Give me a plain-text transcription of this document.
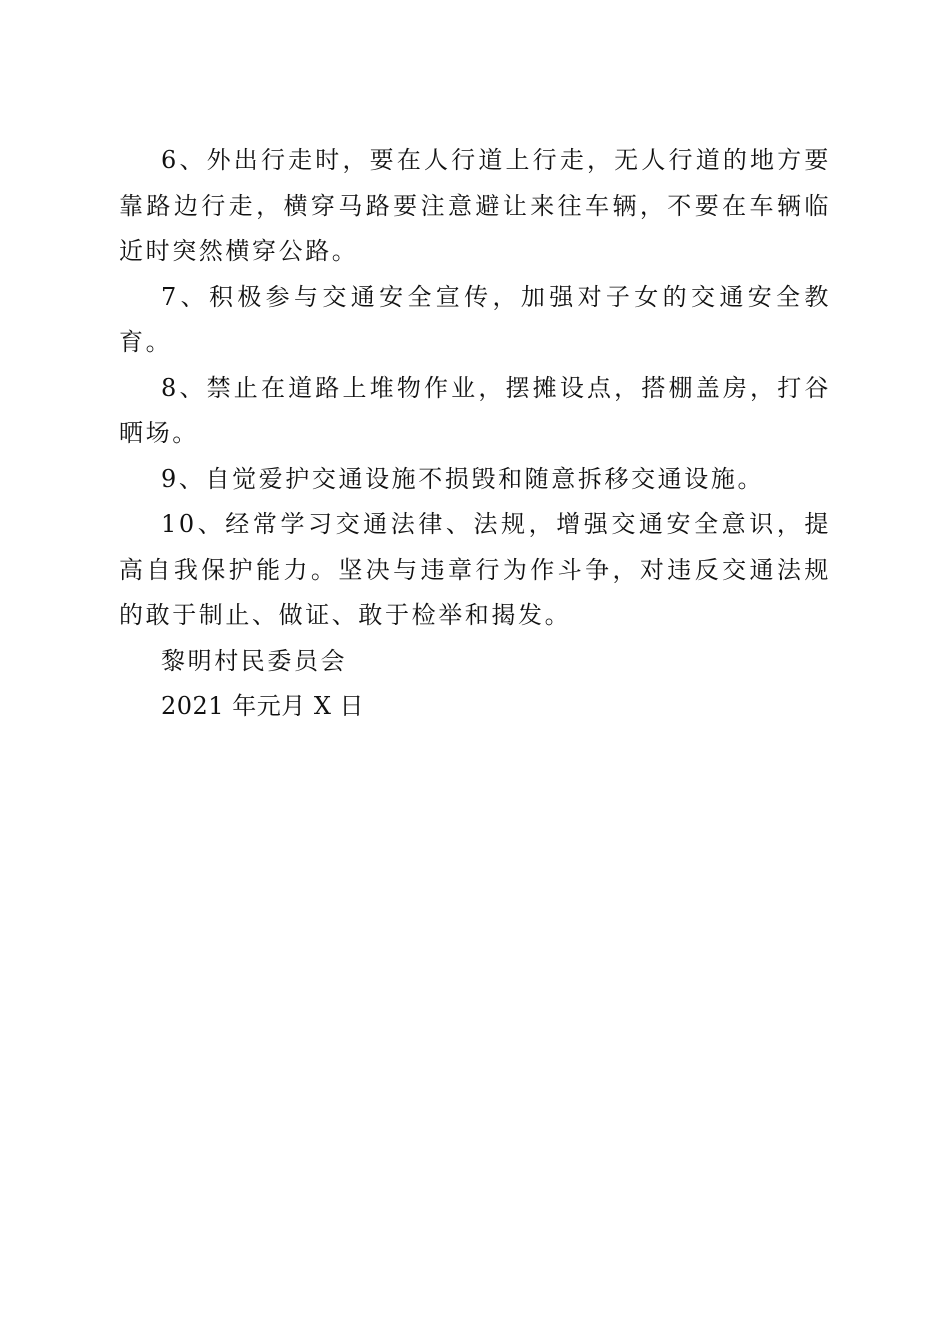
6、外出行走时，要在人行道上行走，无人行道的地方要靠路边行走，横穿马路要注意避让来往车辆，不要在车辆临近时突然横穿公路。

7、积极参与交通安全宣传，加强对子女的交通安全教育。

8、禁止在道路上堆物作业，摆摊设点，搭棚盖房，打谷晒场。

9、自觉爱护交通设施不损毁和随意拆移交通设施。

10、经常学习交通法律、法规，增强交通安全意识，提高自我保护能力。坚决与违章行为作斗争，对违反交通法规的敢于制止、做证、敢于检举和揭发。

黎明村民委员会

2021 年元月 X 日
